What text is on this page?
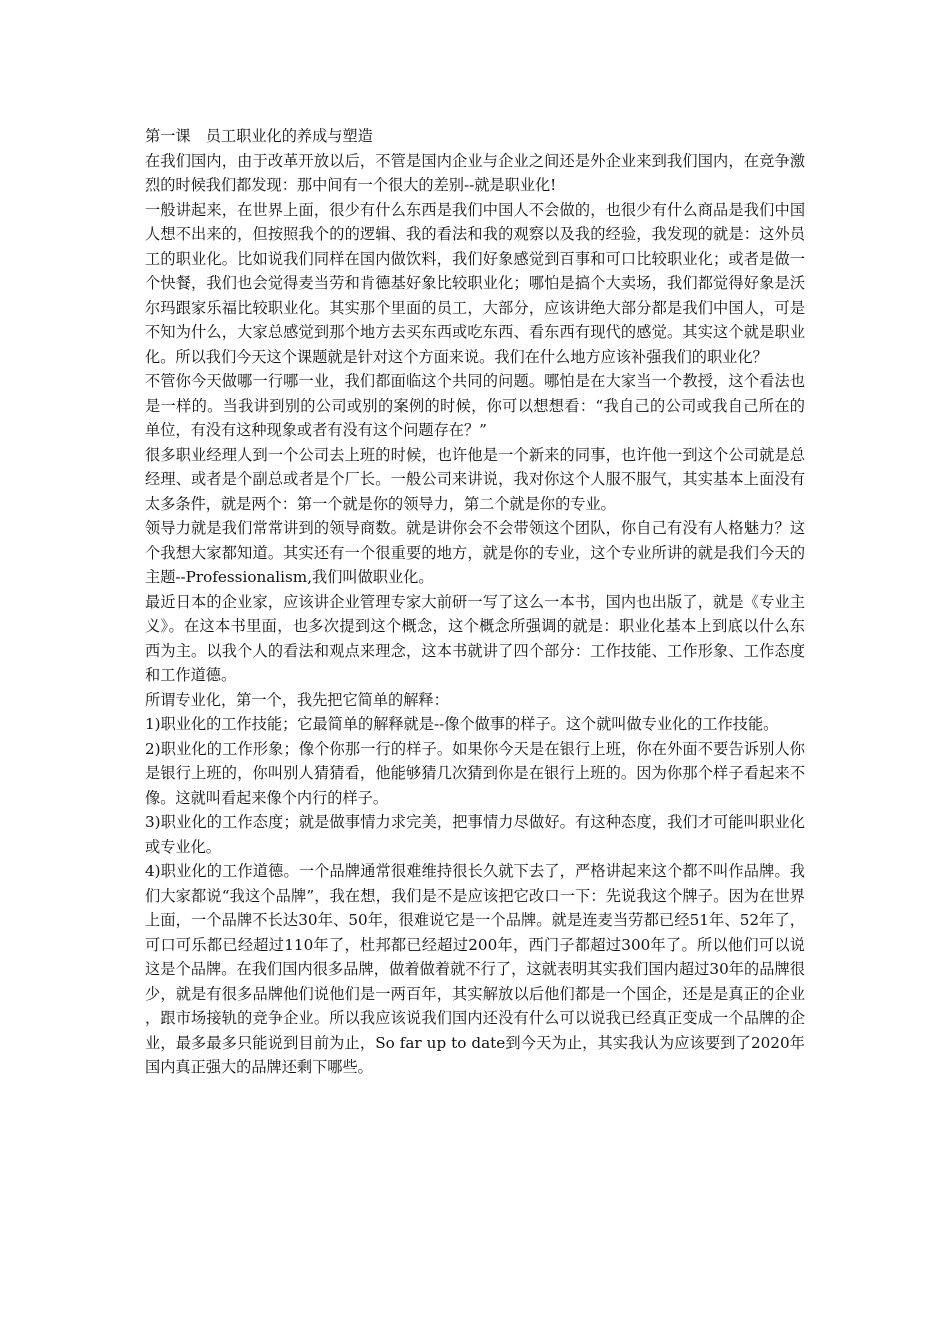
第一课　员工职业化的养成与塑造

在我们国内，由于改革开放以后，不管是国内企业与企业之间还是外企业来到我们国内，在竞争激烈的时候我们都发现：那中间有一个很大的差别--就是职业化!

一般讲起来，在世界上面，很少有什么东西是我们中国人不会做的，也很少有什么商品是我们中国人想不出来的，但按照我个的的逻辑、我的看法和我的观察以及我的经验，我发现的就是：这外员工的职业化。比如说我们同样在国内做饮料，我们好象感觉到百事和可口比较职业化；或者是做一个快餐，我们也会觉得麦当劳和肯德基好象比较职业化；哪怕是搞个大卖场，我们都觉得好象是沃尔玛跟家乐福比较职业化。其实那个里面的员工，大部分，应该讲绝大部分都是我们中国人，可是不知为什么，大家总感觉到那个地方去买东西或吃东西、看东西有现代的感觉。其实这个就是职业化。所以我们今天这个课题就是针对这个方面来说。我们在什么地方应该补强我们的职业化？

不管你今天做哪一行哪一业，我们都面临这个共同的问题。哪怕是在大家当一个教授，这个看法也是一样的。当我讲到别的公司或别的案例的时候，你可以想想看：“我自己的公司或我自己所在的单位，有没有这种现象或者有没有这个问题存在？”

很多职业经理人到一个公司去上班的时候，也许他是一个新来的同事，也许他一到这个公司就是总经理、或者是个副总或者是个厂长。一般公司来讲说，我对你这个人服不服气，其实基本上面没有太多条件，就是两个：第一个就是你的领导力，第二个就是你的专业。

领导力就是我们常常讲到的领导商数。就是讲你会不会带领这个团队，你自己有没有人格魅力？这个我想大家都知道。其实还有一个很重要的地方，就是你的专业，这个专业所讲的就是我们今天的主题--Professionalism,我们叫做职业化。

最近日本的企业家，应该讲企业管理专家大前研一写了这么一本书，国内也出版了，就是《专业主义》。在这本书里面，也多次提到这个概念，这个概念所强调的就是：职业化基本上到底以什么东西为主。以我个人的看法和观点来理念，这本书就讲了四个部分：工作技能、工作形象、工作态度和工作道德。

所谓专业化，第一个，我先把它简单的解释：

1)职业化的工作技能；它最简单的解释就是--像个做事的样子。这个就叫做专业化的工作技能。

2)职业化的工作形象；像个你那一行的样子。如果你今天是在银行上班，你在外面不要告诉别人你是银行上班的，你叫别人猜猜看，他能够猜几次猜到你是在银行上班的。因为你那个样子看起来不像。这就叫看起来像个内行的样子。

3)职业化的工作态度；就是做事情力求完美，把事情力尽做好。有这种态度，我们才可能叫职业化或专业化。

4)职业化的工作道德。一个品牌通常很难维持很长久就下去了，严格讲起来这个都不叫作品牌。我们大家都说“我这个品牌”，我在想，我们是不是应该把它改口一下：先说我这个牌子。因为在世界上面，一个品牌不长达30年、50年，很难说它是一个品牌。就是连麦当劳都已经51年、52年了，可口可乐都已经超过110年了，杜邦都已经超过200年，西门子都超过300年了。所以他们可以说这是个品牌。在我们国内很多品牌，做着做着就不行了，这就表明其实我们国内超过30年的品牌很少，就是有很多品牌他们说他们是一两百年，其实解放以后他们都是一个国企，还是是真正的企业，跟市场接轨的竞争企业。所以我应该说我们国内还没有什么可以说我已经真正变成一个品牌的企业，最多最多只能说到目前为止，So far up to date到今天为止，其实我认为应该要到了2020年国内真正强大的品牌还剩下哪些。
